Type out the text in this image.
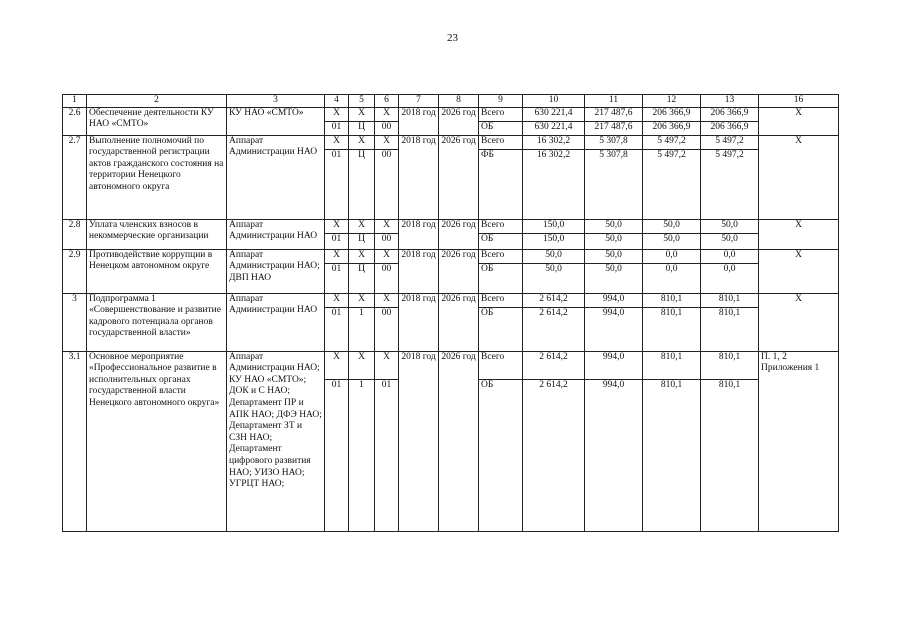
23
1	2	3	4	5	6	7	8	9	10	11	12	13	16
2.6	Обеспечение деятельности КУ НАО «СМТО»	КУ НАО «СМТО»	Х	Х	Х	2018 год	2026 год	Всего	630 221,4	217 487,6	206 366,9	206 366,9	Х
			01	Ц	00			ОБ	630 221,4	217 487,6	206 366,9	206 366,9	
2.7	Выполнение полномочий по государственной регистрации актов гражданского состояния на территории Ненецкого автономного округа	Аппарат Администрации НАО	Х	Х	Х	2018 год	2026 год	Всего	16 302,2	5 307,8	5 497,2	5 497,2	Х
			01	Ц	00			ФБ	16 302,2	5 307,8	5 497,2	5 497,2	
2.8	Уплата членских взносов в некоммерческие организации	Аппарат Администрации НАО	Х	Х	Х	2018 год	2026 год	Всего	150,0	50,0	50,0	50,0	Х
			01	Ц	00			ОБ	150,0	50,0	50,0	50,0	
2.9	Противодействие коррупции в Ненецком автономном округе	Аппарат Администрации НАО; ДВП НАО	Х	Х	Х	2018 год	2026 год	Всего	50,0	50,0	0,0	0,0	Х
			01	Ц	00			ОБ	50,0	50,0	0,0	0,0	
3	Подпрограмма 1 «Совершенствование и развитие кадрового потенциала органов государственной власти»	Аппарат Администрации НАО	Х	Х	Х	2018 год	2026 год	Всего	2 614,2	994,0	810,1	810,1	Х
			01	1	00			ОБ	2 614,2	994,0	810,1	810,1	
3.1	Основное мероприятие «Профессиональное развитие в исполнительных органах государственной власти Ненецкого автономного округа»	Аппарат Администрации НАО; КУ НАО «СМТО»; ДОК и С НАО; Департамент ПР и АПК НАО; ДФЭ НАО; Департамент ЗТ и СЗН НАО; Департамент цифрового развития НАО; УИЗО НАО; УГРЦТ НАО;	Х	Х	Х	2018 год	2026 год	Всего	2 614,2	994,0	810,1	810,1	П. 1, 2 Приложения 1
			01	1	01			ОБ	2 614,2	994,0	810,1	810,1	
